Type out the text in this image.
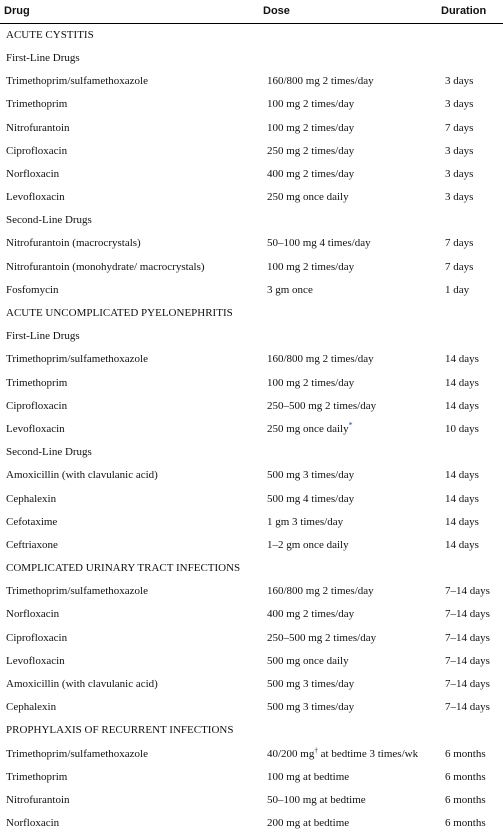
Drug	Dose	Duration
ACUTE CYSTITIS		
First-Line Drugs		
Trimethoprim/sulfamethoxazole	160/800 mg 2 times/day	3 days
Trimethoprim	100 mg 2 times/day	3 days
Nitrofurantoin	100 mg 2 times/day	7 days
Ciprofloxacin	250 mg 2 times/day	3 days
Norfloxacin	400 mg 2 times/day	3 days
Levofloxacin	250 mg once daily	3 days
Second-Line Drugs		
Nitrofurantoin (macrocrystals)	50–100 mg 4 times/day	7 days
Nitrofurantoin (monohydrate/ macrocrystals)	100 mg 2 times/day	7 days
Fosfomycin	3 gm once	1 day
ACUTE UNCOMPLICATED PYELONEPHRITIS		
First-Line Drugs		
Trimethoprim/sulfamethoxazole	160/800 mg 2 times/day	14 days
Trimethoprim	100 mg 2 times/day	14 days
Ciprofloxacin	250–500 mg 2 times/day	14 days
Levofloxacin	250 mg once daily*	10 days
Second-Line Drugs		
Amoxicillin (with clavulanic acid)	500 mg 3 times/day	14 days
Cephalexin	500 mg 4 times/day	14 days
Cefotaxime	1 gm 3 times/day	14 days
Ceftriaxone	1–2 gm once daily	14 days
COMPLICATED URINARY TRACT INFECTIONS		
Trimethoprim/sulfamethoxazole	160/800 mg 2 times/day	7–14 days
Norfloxacin	400 mg 2 times/day	7–14 days
Ciprofloxacin	250–500 mg 2 times/day	7–14 days
Levofloxacin	500 mg once daily	7–14 days
Amoxicillin (with clavulanic acid)	500 mg 3 times/day	7–14 days
Cephalexin	500 mg 3 times/day	7–14 days
PROPHYLAXIS OF RECURRENT INFECTIONS		
Trimethoprim/sulfamethoxazole	40/200 mg† at bedtime 3 times/wk	6 months
Trimethoprim	100 mg at bedtime	6 months
Nitrofurantoin	50–100 mg at bedtime	6 months
Norfloxacin	200 mg at bedtime	6 months
